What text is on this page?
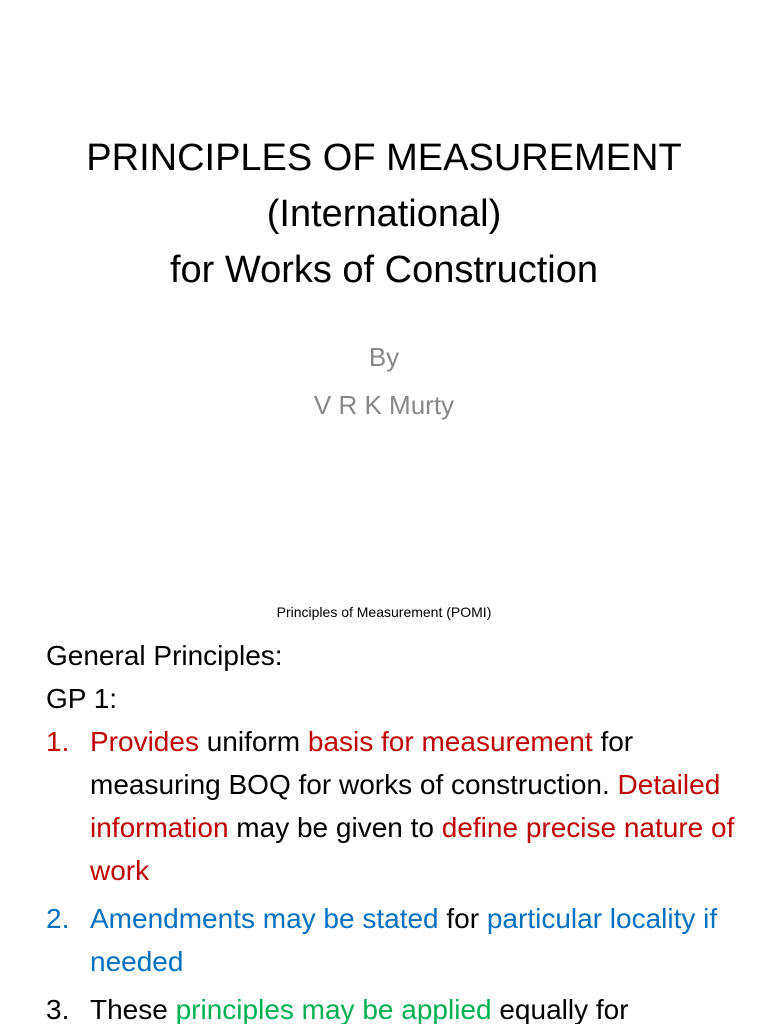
PRINCIPLES OF MEASUREMENT
(International)
for Works of Construction
By
V R K Murty
Principles of Measurement (POMI)

General Principles:

GP 1:

1. Provides uniform basis for measurement for measuring BOQ for works of construction. Detailed information may be given to define precise nature of work
2. Amendments may be stated for particular locality if needed
3. These principles may be applied equally for
